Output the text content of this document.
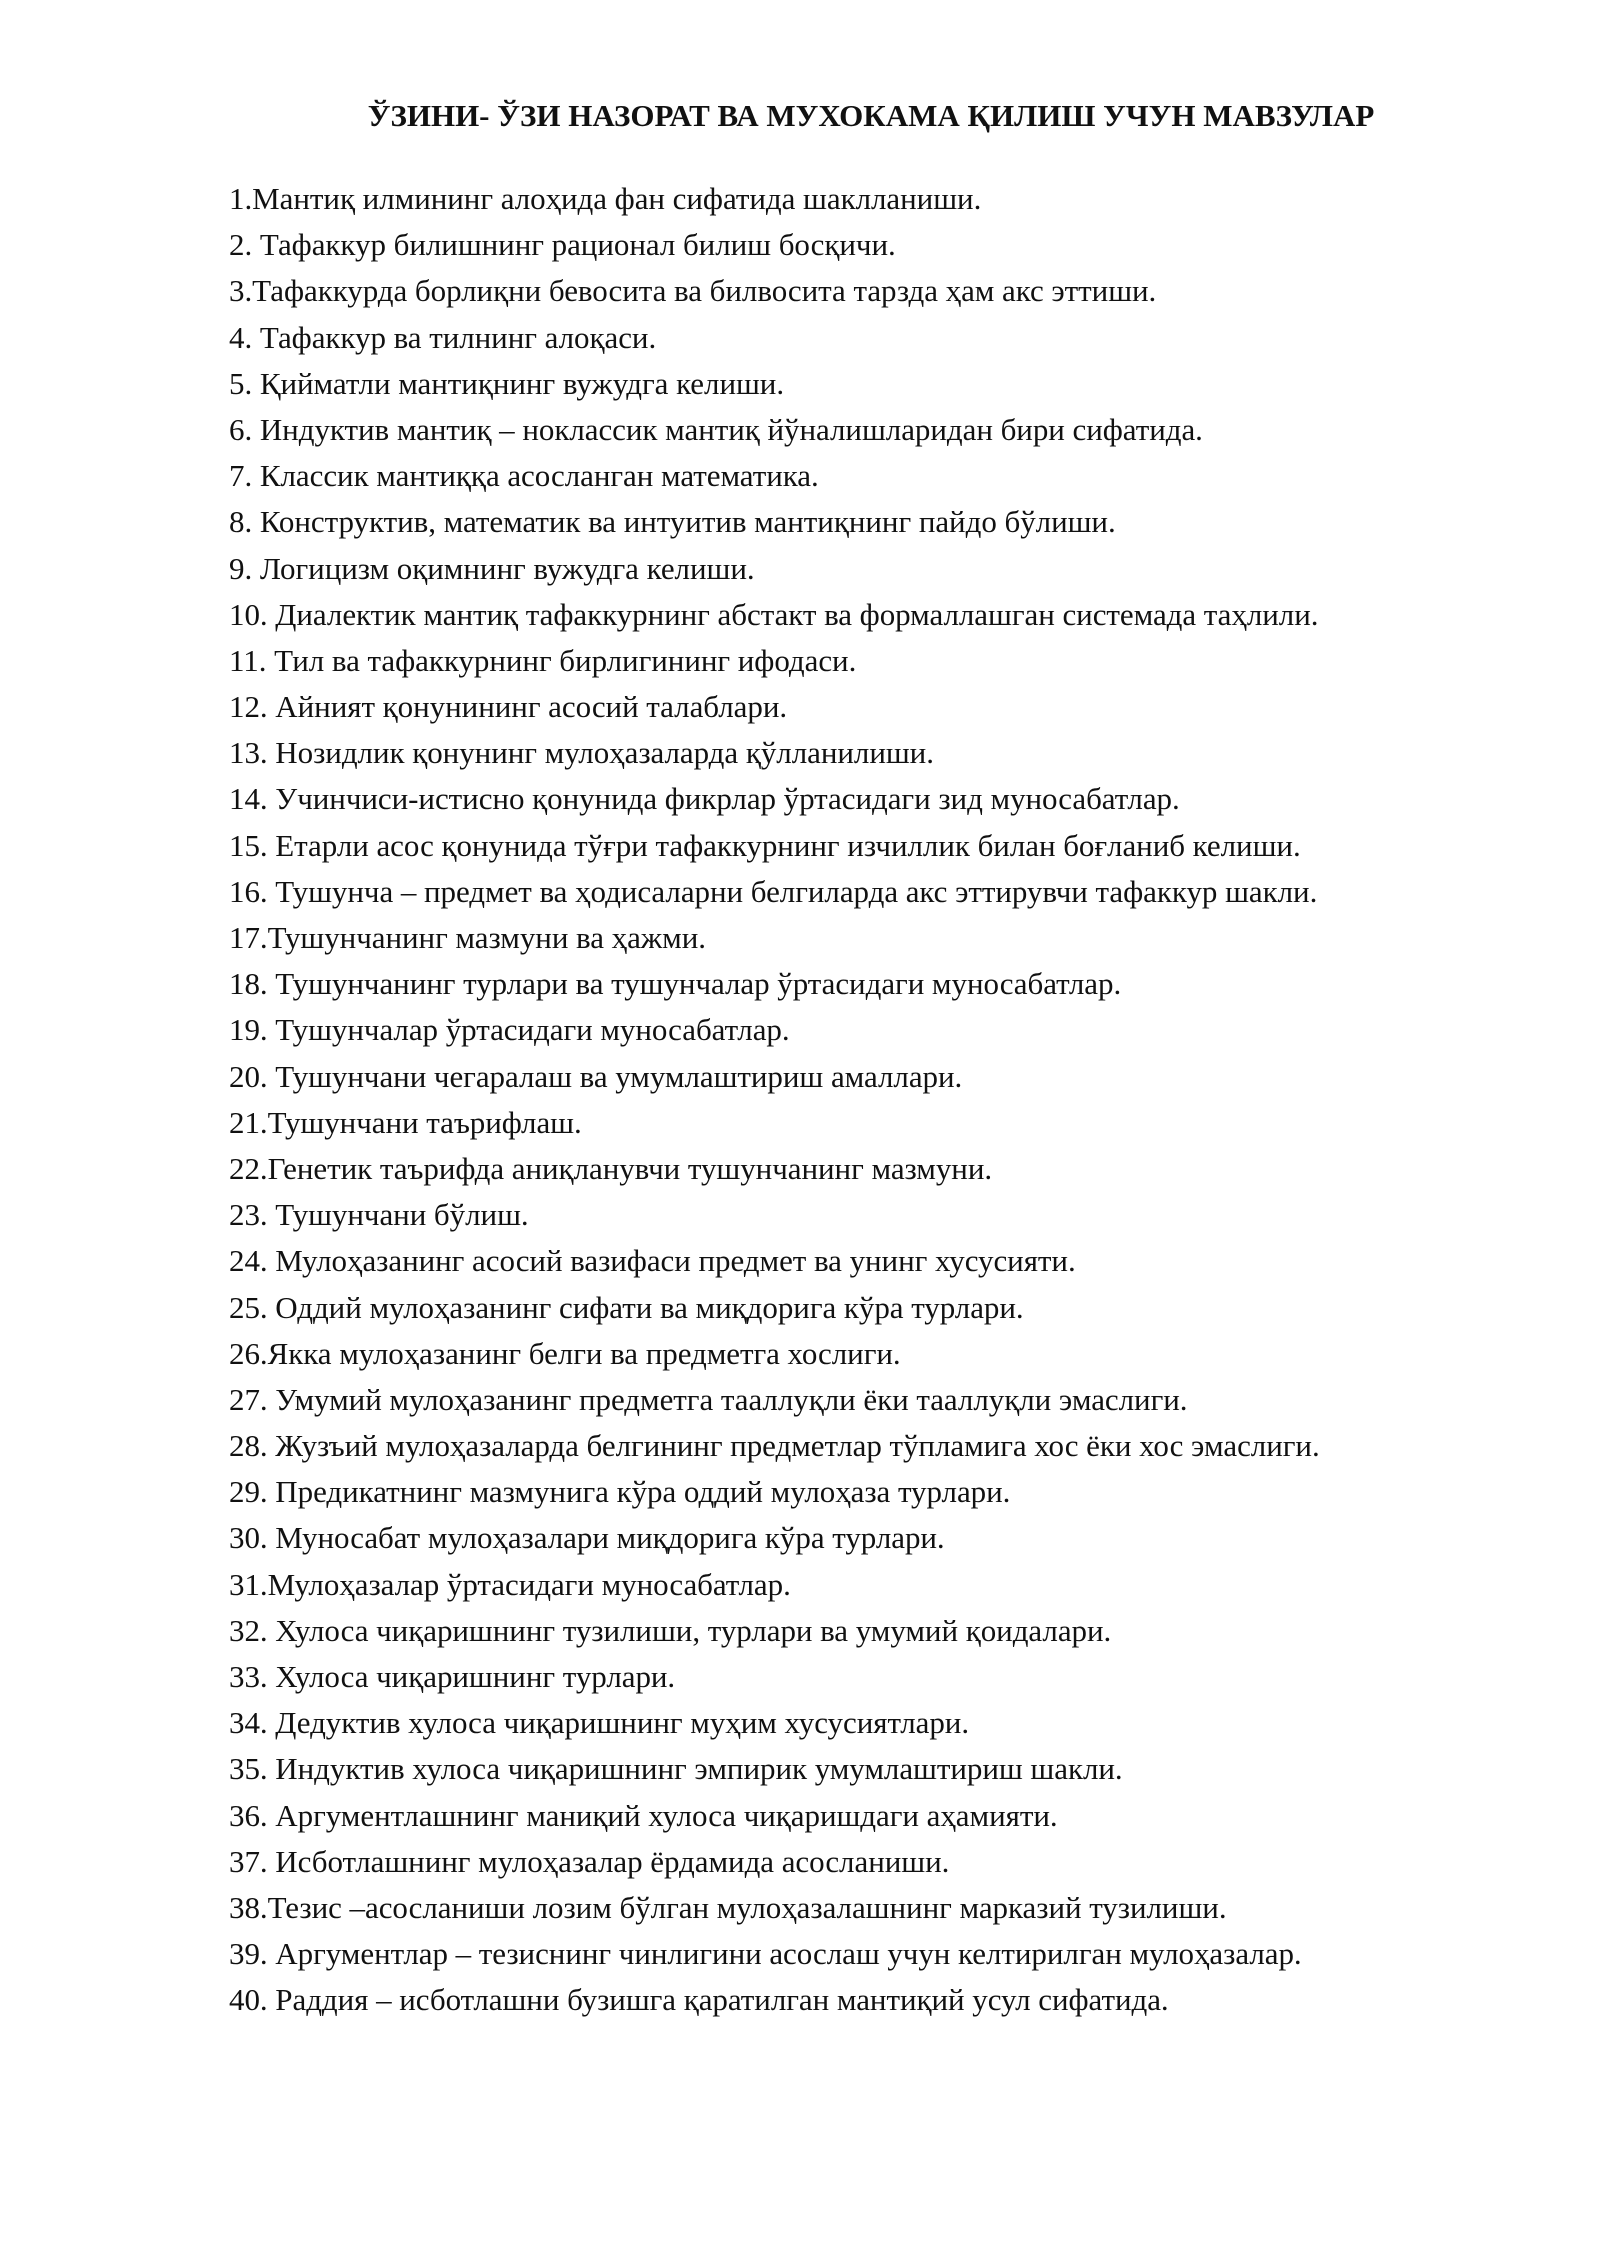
ЎЗИНИ- ЎЗИ НАЗОРАТ ВА МУХОКАМА ҚИЛИШ УЧУН МАВЗУЛАР
1.Мантиқ илмининг алоҳида фан сифатида шаклланиши.
2. Тафаккур билишнинг рационал билиш босқичи.
3.Тафаккурда борлиқни бевосита ва билвосита тарзда ҳам акс эттиши.
4. Тафаккур ва тилнинг алоқаси.
5. Қийматли мантиқнинг вужудга келиши.
6. Индуктив мантиқ – ноклассик мантиқ йўналишларидан бири сифатида.
7. Классик мантиққа асосланган математика.
8. Конструктив, математик ва интуитив мантиқнинг пайдо бўлиши.
9. Логицизм оқимнинг вужудга келиши.
10. Диалектик мантиқ тафаккурнинг абстакт ва формаллашган системада таҳлили.
11. Тил ва тафаккурнинг бирлигининг ифодаси.
12. Айният қонунининг асосий талаблари.
13. Нозидлик қонунинг мулоҳазаларда қўлланилиши.
14. Учинчиси-истисно қонунида фикрлар ўртасидаги зид муносабатлар.
15. Етарли асос қонунида тўғри тафаккурнинг изчиллик билан боғланиб келиши.
16. Тушунча – предмет ва ҳодисаларни белгиларда акс эттирувчи тафаккур шакли.
17.Тушунчанинг мазмуни ва ҳажми.
18. Тушунчанинг турлари ва тушунчалар ўртасидаги муносабатлар.
19. Тушунчалар ўртасидаги муносабатлар.
20. Тушунчани чегаралаш ва умумлаштириш амаллари.
21.Тушунчани таърифлаш.
22.Генетик таърифда аниқланувчи тушунчанинг мазмуни.
23. Тушунчани бўлиш.
24. Мулоҳазанинг асосий вазифаси предмет ва унинг хусусияти.
25. Оддий мулоҳазанинг сифати ва миқдорига кўра турлари.
26.Якка мулоҳазанинг белги ва предметга хослиги.
27. Умумий мулоҳазанинг предметга тааллуқли ёки тааллуқли эмаслиги.
28. Жузъий мулоҳазаларда белгининг предметлар тўпламига хос ёки хос эмаслиги.
29. Предикатнинг мазмунига кўра оддий мулоҳаза турлари.
30. Муносабат мулоҳазалари миқдорига кўра турлари.
31.Мулоҳазалар ўртасидаги муносабатлар.
32. Хулоса чиқаришнинг тузилиши, турлари ва умумий қоидалари.
33. Хулоса чиқаришнинг турлари.
34. Дедуктив хулоса чиқаришнинг муҳим хусусиятлари.
35. Индуктив хулоса чиқаришнинг эмпирик умумлаштириш шакли.
36. Аргументлашнинг маниқий хулоса чиқаришдаги аҳамияти.
37. Исботлашнинг мулоҳазалар ёрдамида асосланиши.
38.Тезис –асосланиши лозим бўлган мулоҳазалашнинг марказий тузилиши.
39. Аргументлар – тезиснинг чинлигини асослаш учун келтирилган мулоҳазалар.
40. Раддия – исботлашни бузишга қаратилган мантиқий усул сифатида.
